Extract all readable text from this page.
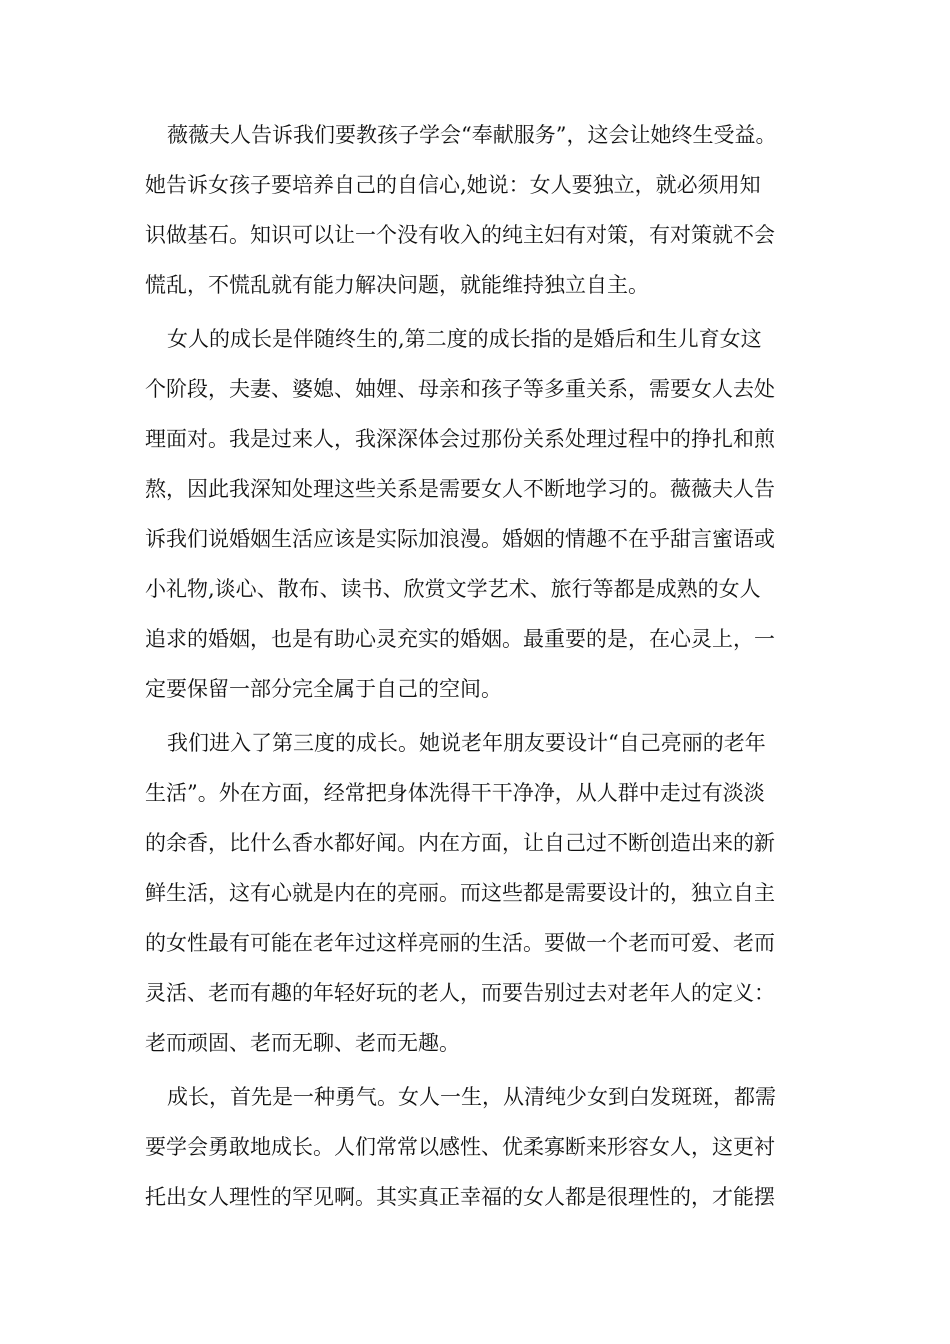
薇薇夫人告诉我们要教孩子学会“奉献服务”，这会让她终生受益。
她告诉女孩子要培养自己的自信心,她说：女人要独立，就必须用知
识做基石。知识可以让一个没有收入的纯主妇有对策，有对策就不会
慌乱，不慌乱就有能力解决问题，就能维持独立自主。
女人的成长是伴随终生的,第二度的成长指的是婚后和生儿育女这
个阶段，夫妻、婆媳、妯娌、母亲和孩子等多重关系，需要女人去处
理面对。我是过来人，我深深体会过那份关系处理过程中的挣扎和煎
熬，因此我深知处理这些关系是需要女人不断地学习的。薇薇夫人告
诉我们说婚姻生活应该是实际加浪漫。婚姻的情趣不在乎甜言蜜语或
小礼物,谈心、散布、读书、欣赏文学艺术、旅行等都是成熟的女人
追求的婚姻，也是有助心灵充实的婚姻。最重要的是，在心灵上，一
定要保留一部分完全属于自己的空间。
我们进入了第三度的成长。她说老年朋友要设计“自己亮丽的老年
生活”。外在方面，经常把身体洗得干干净净，从人群中走过有淡淡
的余香，比什么香水都好闻。内在方面，让自己过不断创造出来的新
鲜生活，这有心就是内在的亮丽。而这些都是需要设计的，独立自主
的女性最有可能在老年过这样亮丽的生活。要做一个老而可爱、老而
灵活、老而有趣的年轻好玩的老人，而要告别过去对老年人的定义：
老而顽固、老而无聊、老而无趣。
成长，首先是一种勇气。女人一生，从清纯少女到白发斑斑，都需
要学会勇敢地成长。人们常常以感性、优柔寡断来形容女人，这更衬
托出女人理性的罕见啊。其实真正幸福的女人都是很理性的，才能摆
